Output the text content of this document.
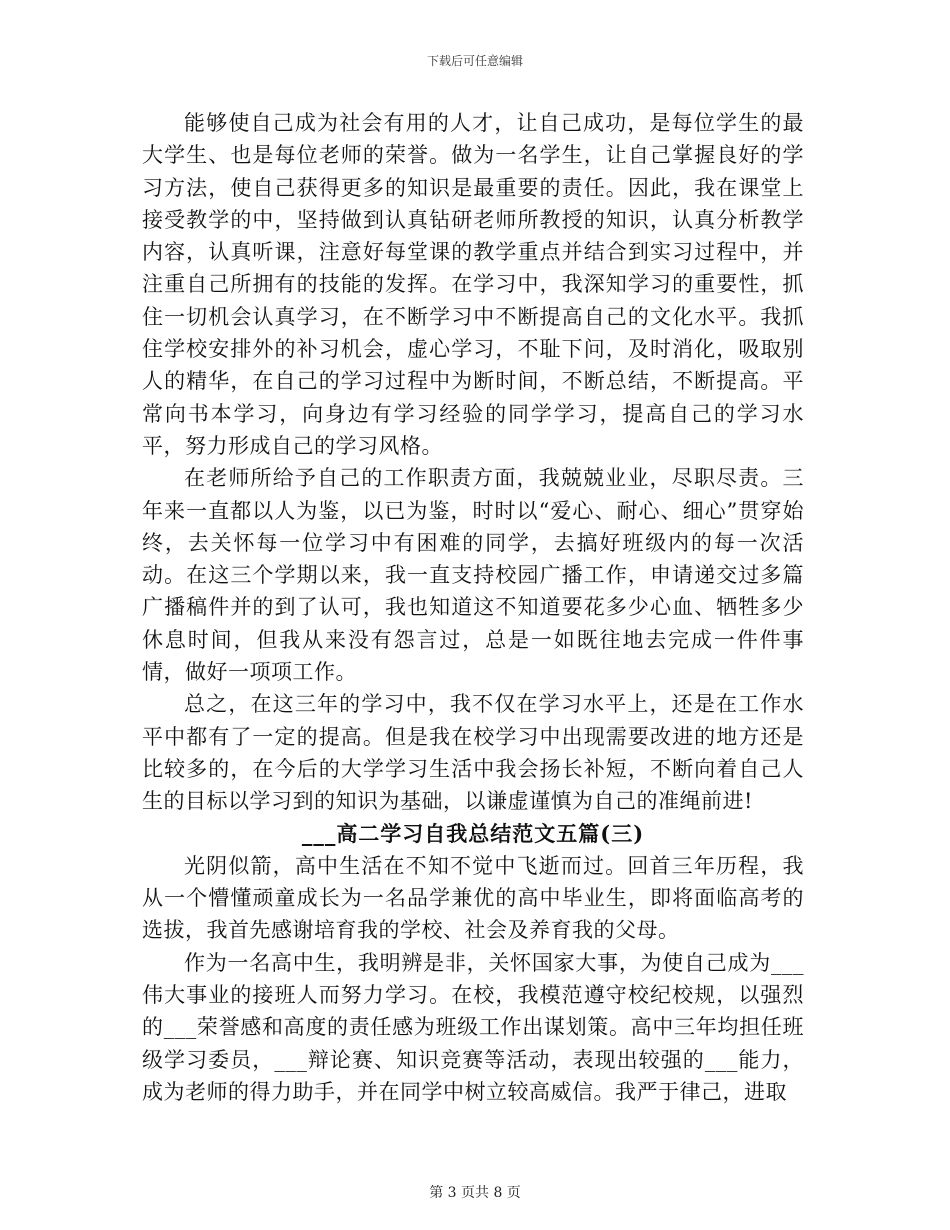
下载后可任意编辑

能够使自己成为社会有用的人才，让自己成功，是每位学生的最大学生、也是每位老师的荣誉。做为一名学生，让自己掌握良好的学习方法，使自己获得更多的知识是最重要的责任。因此，我在课堂上接受教学的中，坚持做到认真钻研老师所教授的知识，认真分析教学内容，认真听课，注意好每堂课的教学重点并结合到实习过程中，并注重自己所拥有的技能的发挥。在学习中，我深知学习的重要性，抓住一切机会认真学习，在不断学习中不断提高自己的文化水平。我抓住学校安排外的补习机会，虚心学习，不耻下问，及时消化，吸取别人的精华，在自己的学习过程中为断时间，不断总结，不断提高。平常向书本学习，向身边有学习经验的同学学习，提高自己的学习水平，努力形成自己的学习风格。

在老师所给予自己的工作职责方面，我兢兢业业，尽职尽责。三年来一直都以人为鉴，以已为鉴，时时以“爱心、耐心、细心”贯穿始终，去关怀每一位学习中有困难的同学，去搞好班级内的每一次活动。在这三个学期以来，我一直支持校园广播工作，申请递交过多篇广播稿件并的到了认可，我也知道这不知道要花多少心血、牺牲多少休息时间，但我从来没有怨言过，总是一如既往地去完成一件件事情，做好一项项工作。

总之，在这三年的学习中，我不仅在学习水平上，还是在工作水平中都有了一定的提高。但是我在校学习中出现需要改进的地方还是比较多的，在今后的大学学习生活中我会扬长补短，不断向着自己人生的目标以学习到的知识为基础，以谦虚谨慎为自己的准绳前进!

___高二学习自我总结范文五篇(三)

光阴似箭，高中生活在不知不觉中飞逝而过。回首三年历程，我从一个懵懂顽童成长为一名品学兼优的高中毕业生，即将面临高考的选拔，我首先感谢培育我的学校、社会及养育我的父母。

作为一名高中生，我明辨是非，关怀国家大事，为使自己成为___伟大事业的接班人而努力学习。在校，我模范遵守校纪校规，以强烈的___荣誉感和高度的责任感为班级工作出谋划策。高中三年均担任班级学习委员，___辩论赛、知识竞赛等活动，表现出较强的___能力，成为老师的得力助手，并在同学中树立较高威信。我严于律己，进取

第 3 页共 8 页
